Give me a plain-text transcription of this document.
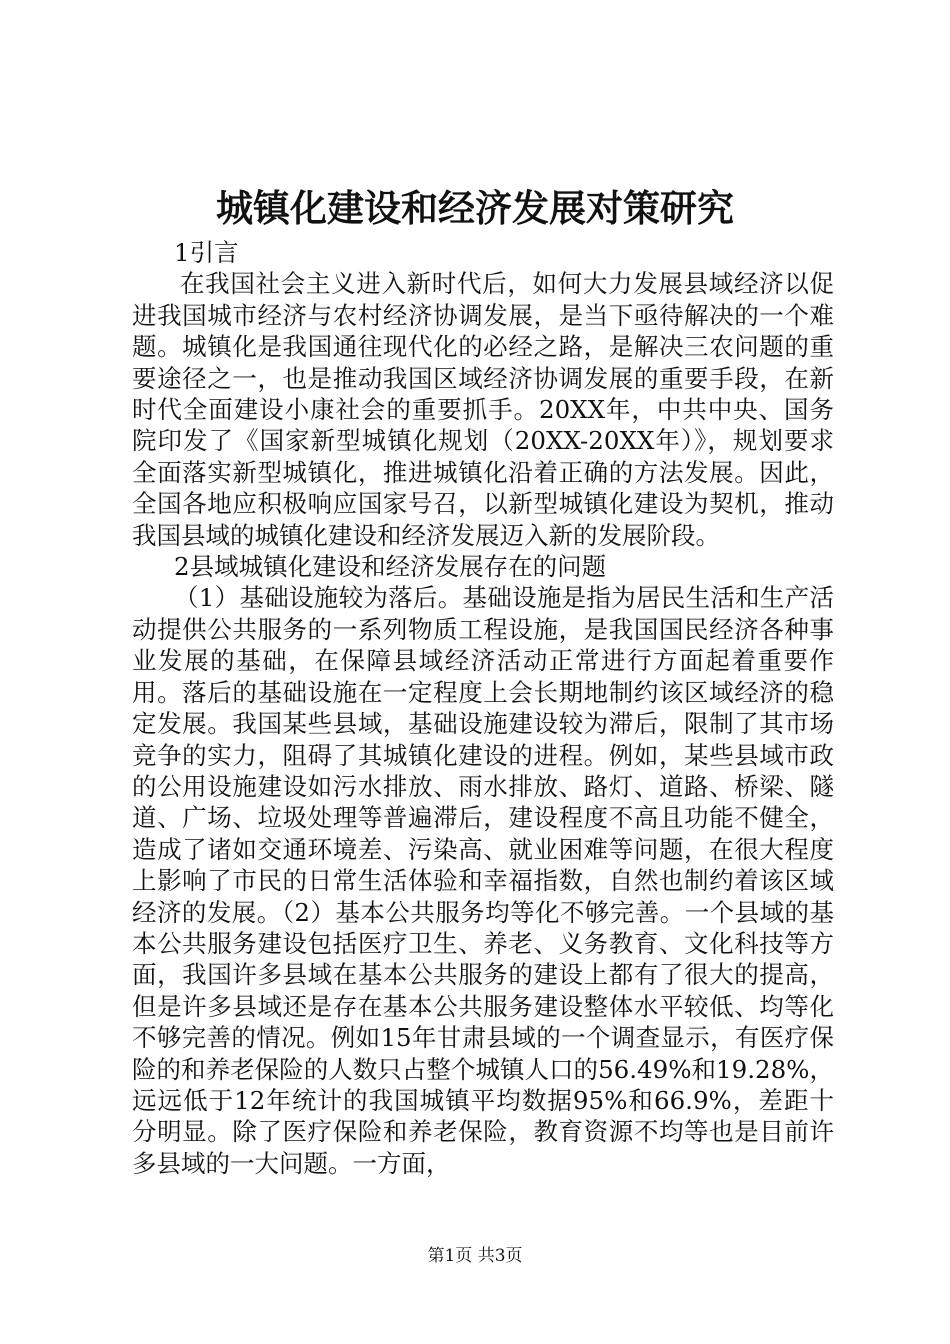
城镇化建设和经济发展对策研究

1引言

在我国社会主义进入新时代后，如何大力发展县域经济以促进我国城市经济与农村经济协调发展，是当下亟待解决的一个难题。城镇化是我国通往现代化的必经之路，是解决三农问题的重要途径之一，也是推动我国区域经济协调发展的重要手段，在新时代全面建设小康社会的重要抓手。20XX年，中共中央、国务院印发了《国家新型城镇化规划（20XX-20XX年）》，规划要求全面落实新型城镇化，推进城镇化沿着正确的方法发展。因此，全国各地应积极响应国家号召，以新型城镇化建设为契机，推动我国县域的城镇化建设和经济发展迈入新的发展阶段。

2县域城镇化建设和经济发展存在的问题

（1）基础设施较为落后。基础设施是指为居民生活和生产活动提供公共服务的一系列物质工程设施，是我国国民经济各种事业发展的基础，在保障县域经济活动正常进行方面起着重要作用。落后的基础设施在一定程度上会长期地制约该区域经济的稳定发展。我国某些县域，基础设施建设较为滞后，限制了其市场竞争的实力，阻碍了其城镇化建设的进程。例如，某些县域市政的公用设施建设如污水排放、雨水排放、路灯、道路、桥梁、隧道、广场、垃圾处理等普遍滞后，建设程度不高且功能不健全，造成了诸如交通环境差、污染高、就业困难等问题，在很大程度上影响了市民的日常生活体验和幸福指数，自然也制约着该区域经济的发展。（2）基本公共服务均等化不够完善。一个县域的基本公共服务建设包括医疗卫生、养老、义务教育、文化科技等方面，我国许多县域在基本公共服务的建设上都有了很大的提高，但是许多县域还是存在基本公共服务建设整体水平较低、均等化不够完善的情况。例如15年甘肃县域的一个调查显示，有医疗保险的和养老保险的人数只占整个城镇人口的56.49%和19.28%，远远低于12年统计的我国城镇平均数据95%和66.9%，差距十分明显。除了医疗保险和养老保险，教育资源不均等也是目前许多县域的一大问题。一方面，

第1页 共3页
